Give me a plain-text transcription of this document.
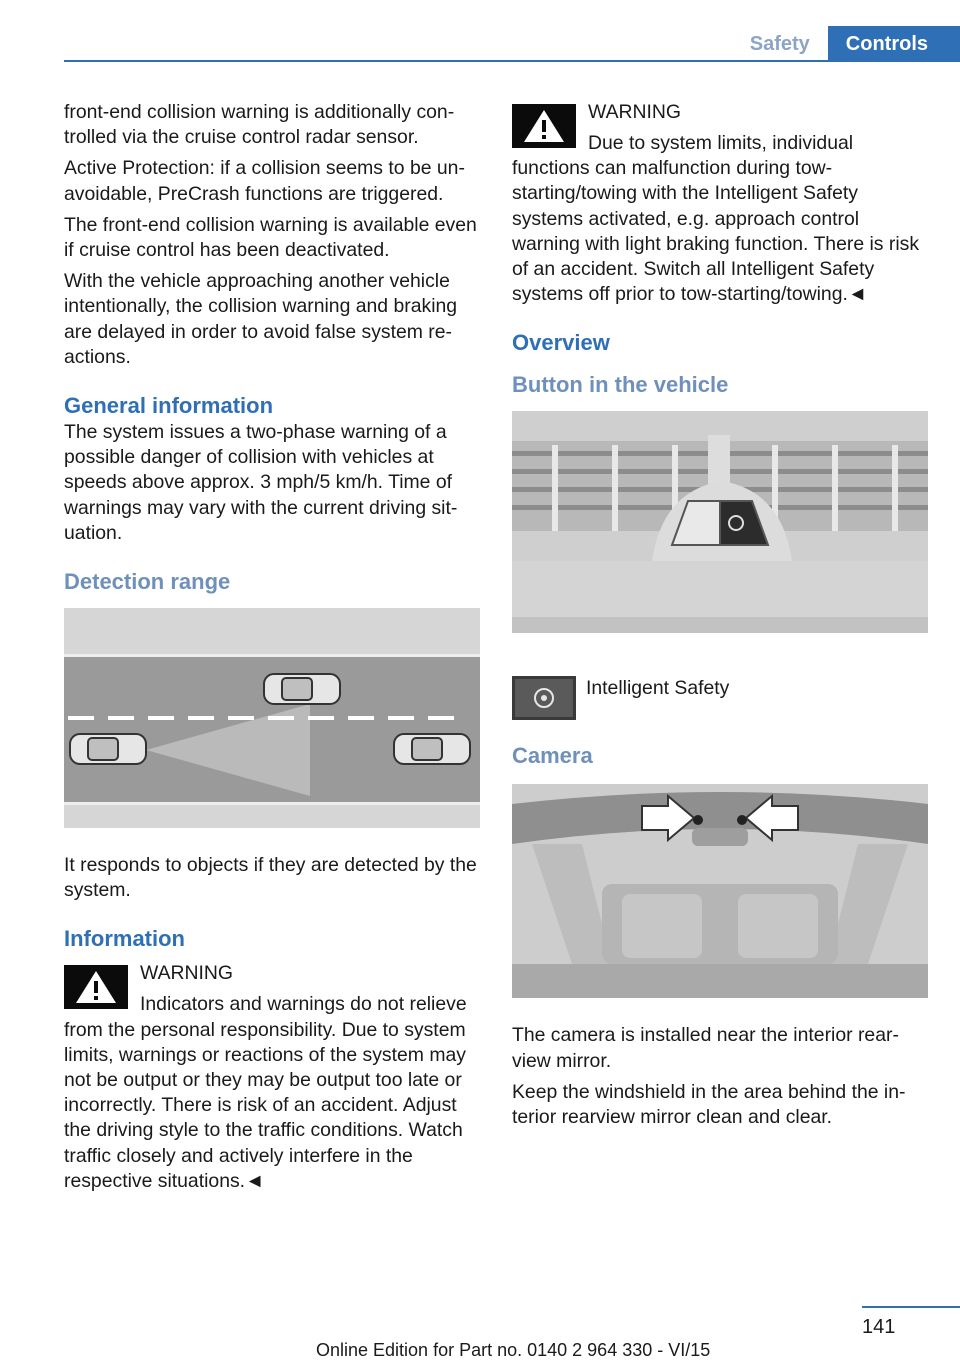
Safety	Controls

front-end collision warning is additionally controlled via the cruise control radar sensor.

Active Protection: if a collision seems to be unavoidable, PreCrash functions are triggered.

The front-end collision warning is available even if cruise control has been deactivated.

With the vehicle approaching another vehicle intentionally, the collision warning and braking are delayed in order to avoid false system reactions.

General information

The system issues a two-phase warning of a possible danger of collision with vehicles at speeds above approx. 3 mph/5 km/h. Time of warnings may vary with the current driving situation.

Detection range

It responds to objects if they are detected by the system.

Information
WARNING

Indicators and warnings do not relieve from the personal responsibility. Due to system limits, warnings or reactions of the system may not be output or they may be output too late or incorrectly. There is risk of an accident. Adjust the driving style to the traffic conditions. Watch traffic closely and actively interfere in the respective situations.◄

WARNING

Due to system limits, individual functions can malfunction during tow-starting/towing with the Intelligent Safety systems activated, e.g. approach control warning with light braking function. There is risk of an accident. Switch all Intelligent Safety systems off prior to tow-starting/towing.◄

Overview
Button in the vehicle

Intelligent Safety

Camera

The camera is installed near the interior rearview mirror.

Keep the windshield in the area behind the interior rearview mirror clean and clear.

141
Online Edition for Part no. 0140 2 964 330 - VI/15
